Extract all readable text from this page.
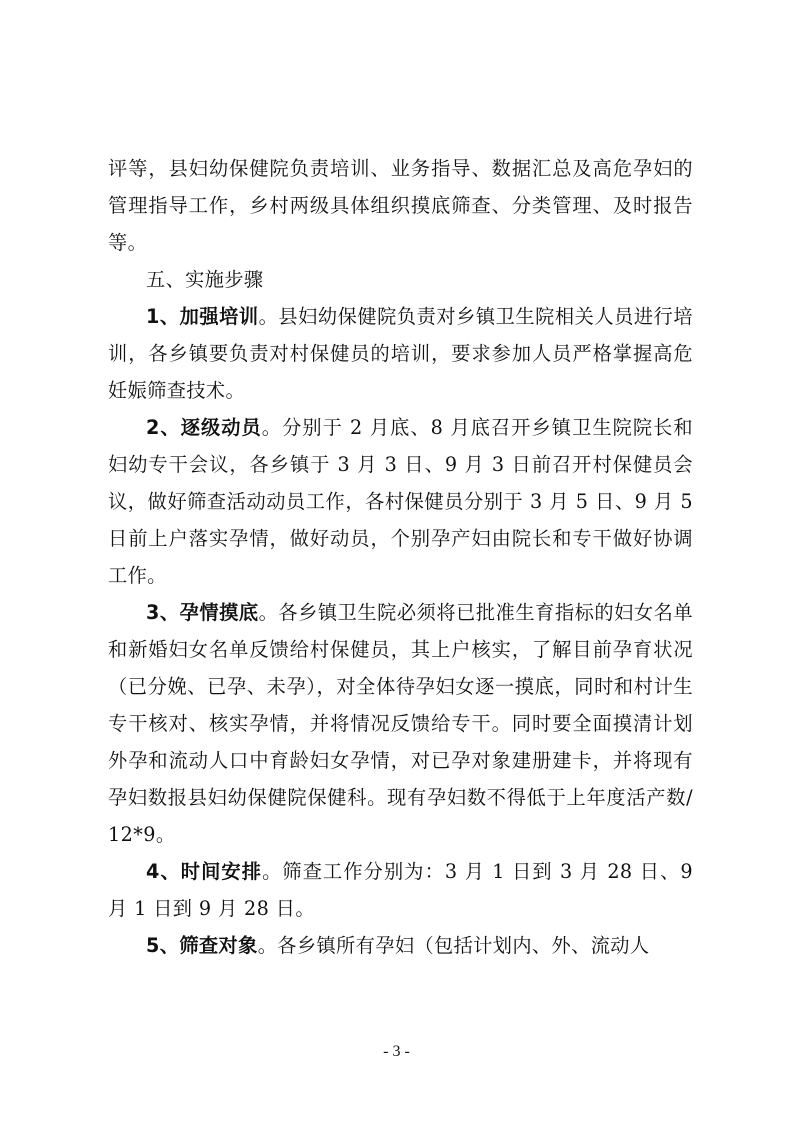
评等，县妇幼保健院负责培训、业务指导、数据汇总及高危孕妇的管理指导工作，乡村两级具体组织摸底筛查、分类管理、及时报告等。

五、实施步骤

1、加强培训。县妇幼保健院负责对乡镇卫生院相关人员进行培训，各乡镇要负责对村保健员的培训，要求参加人员严格掌握高危妊娠筛查技术。

2、逐级动员。分别于 2 月底、8 月底召开乡镇卫生院院长和妇幼专干会议，各乡镇于 3 月 3 日、9 月 3 日前召开村保健员会议，做好筛查活动动员工作，各村保健员分别于 3 月 5 日、9 月 5 日前上户落实孕情，做好动员，个别孕产妇由院长和专干做好协调工作。

3、孕情摸底。各乡镇卫生院必须将已批准生育指标的妇女名单和新婚妇女名单反馈给村保健员，其上户核实，了解目前孕育状况（已分娩、已孕、未孕），对全体待孕妇女逐一摸底，同时和村计生专干核对、核实孕情，并将情况反馈给专干。同时要全面摸清计划外孕和流动人口中育龄妇女孕情，对已孕对象建册建卡，并将现有孕妇数报县妇幼保健院保健科。现有孕妇数不得低于上年度活产数/12*9。

4、时间安排。筛查工作分别为：3 月 1 日到 3 月 28 日、9 月 1 日到 9 月 28 日。

5、筛查对象。各乡镇所有孕妇（包括计划内、外、流动人

- 3 -
